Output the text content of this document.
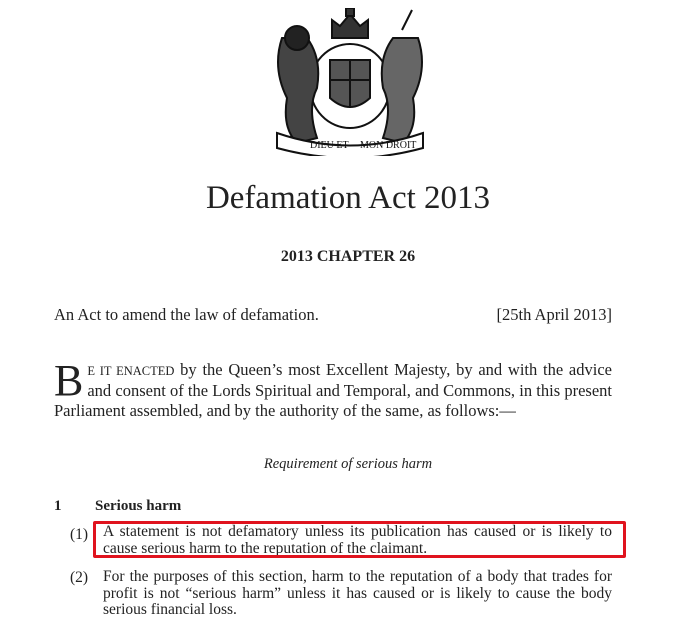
DIEU ET MON DROIT
Defamation Act 2013
2013 CHAPTER 26
An Act to amend the law of defamation.	[25th April 2013]
B E IT ENACTED by the Queen’s most Excellent Majesty, by and with the advice and consent of the Lords Spiritual and Temporal, and Commons, in this present Parliament assembled, and by the authority of the same, as follows:—
Requirement of serious harm
1 Serious harm
(1) A statement is not defamatory unless its publication has caused or is likely to cause serious harm to the reputation of the claimant.
(2) For the purposes of this section, harm to the reputation of a body that trades for profit is not “serious harm” unless it has caused or is likely to cause the body serious financial loss.
